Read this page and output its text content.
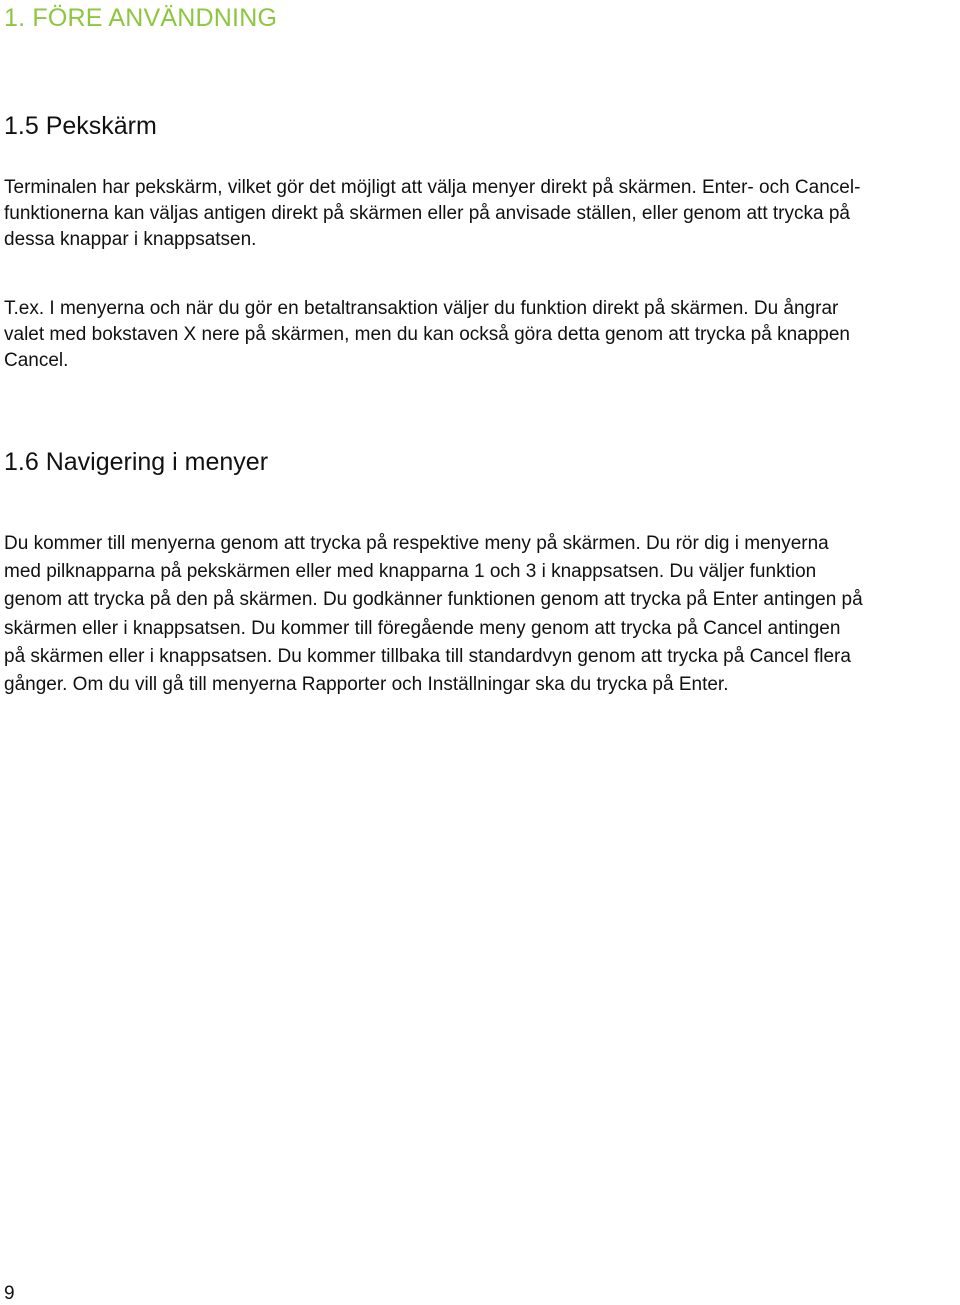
1. FÖRE ANVÄNDNING
1.5 Pekskärm

Terminalen har pekskärm, vilket gör det möjligt att välja menyer direkt på skärmen. Enter- och Cancel-
funktionerna kan väljas antigen direkt på skärmen eller på anvisade ställen, eller genom att trycka på
dessa knappar i knappsatsen.

T.ex. I menyerna och när du gör en betaltransaktion väljer du funktion direkt på skärmen. Du ångrar
valet med bokstaven X nere på skärmen, men du kan också göra detta genom att trycka på knappen
Cancel.

1.6 Navigering i menyer

Du kommer till menyerna genom att trycka på respektive meny på skärmen. Du rör dig i menyerna
med pilknapparna på pekskärmen eller med knapparna 1 och 3 i knappsatsen. Du väljer funktion
genom att trycka på den på skärmen. Du godkänner funktionen genom att trycka på Enter antingen på
skärmen eller i knappsatsen. Du kommer till föregående meny genom att trycka på Cancel antingen
på skärmen eller i knappsatsen. Du kommer tillbaka till standardvyn genom att trycka på Cancel flera
gånger. Om du vill gå till menyerna Rapporter och Inställningar ska du trycka på Enter.

9
